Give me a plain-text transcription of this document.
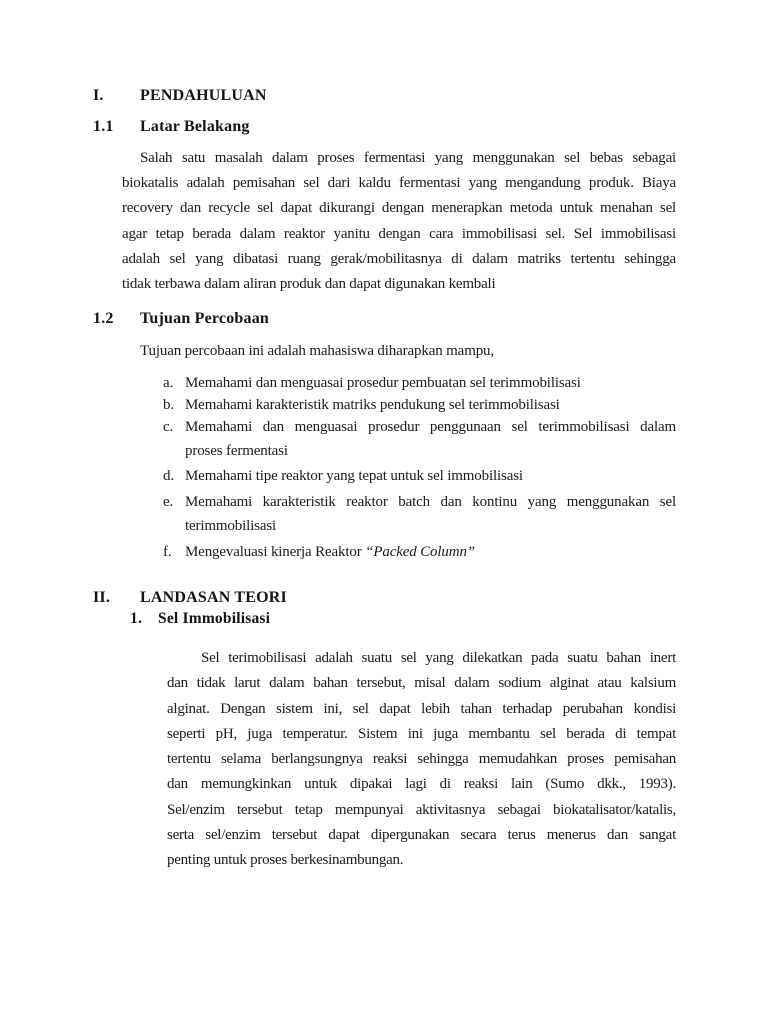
I.	PENDAHULUAN
1.1	Latar Belakang
Salah satu masalah dalam proses fermentasi yang menggunakan sel bebas sebagai
biokatalis adalah pemisahan sel dari kaldu fermentasi yang mengandung produk. Biaya
recovery dan recycle sel dapat dikurangi dengan menerapkan metoda untuk menahan sel
agar tetap berada dalam reaktor yanitu dengan cara immobilisasi sel. Sel immobilisasi
adalah sel yang dibatasi ruang gerak/mobilitasnya di dalam matriks tertentu sehingga
tidak terbawa dalam aliran produk dan dapat digunakan kembali
1.2	Tujuan Percobaan
Tujuan percobaan ini adalah mahasiswa diharapkan mampu,
a. Memahami dan menguasai prosedur pembuatan sel terimmobilisasi
b. Memahami karakteristik matriks pendukung sel terimmobilisasi
c. Memahami dan menguasai prosedur penggunaan sel terimmobilisasi dalam
proses fermentasi
d. Memahami tipe reaktor yang tepat untuk sel immobilisasi
e. Memahami karakteristik reaktor batch dan kontinu yang menggunakan sel
terimmobilisasi
f. Mengevaluasi kinerja Reaktor “Packed Column”
II.	LANDASAN TEORI
1.	Sel Immobilisasi
Sel terimobilisasi adalah suatu sel yang dilekatkan pada suatu bahan inert
dan tidak larut dalam bahan tersebut, misal dalam sodium alginat atau kalsium
alginat. Dengan sistem ini, sel dapat lebih tahan terhadap perubahan kondisi
seperti pH, juga temperatur. Sistem ini juga membantu sel berada di tempat
tertentu selama berlangsungnya reaksi sehingga memudahkan proses pemisahan
dan memungkinkan untuk dipakai lagi di reaksi lain (Sumo dkk., 1993).
Sel/enzim tersebut tetap mempunyai aktivitasnya sebagai biokatalisator/katalis,
serta sel/enzim tersebut dapat dipergunakan secara terus menerus dan sangat
penting untuk proses berkesinambungan.
